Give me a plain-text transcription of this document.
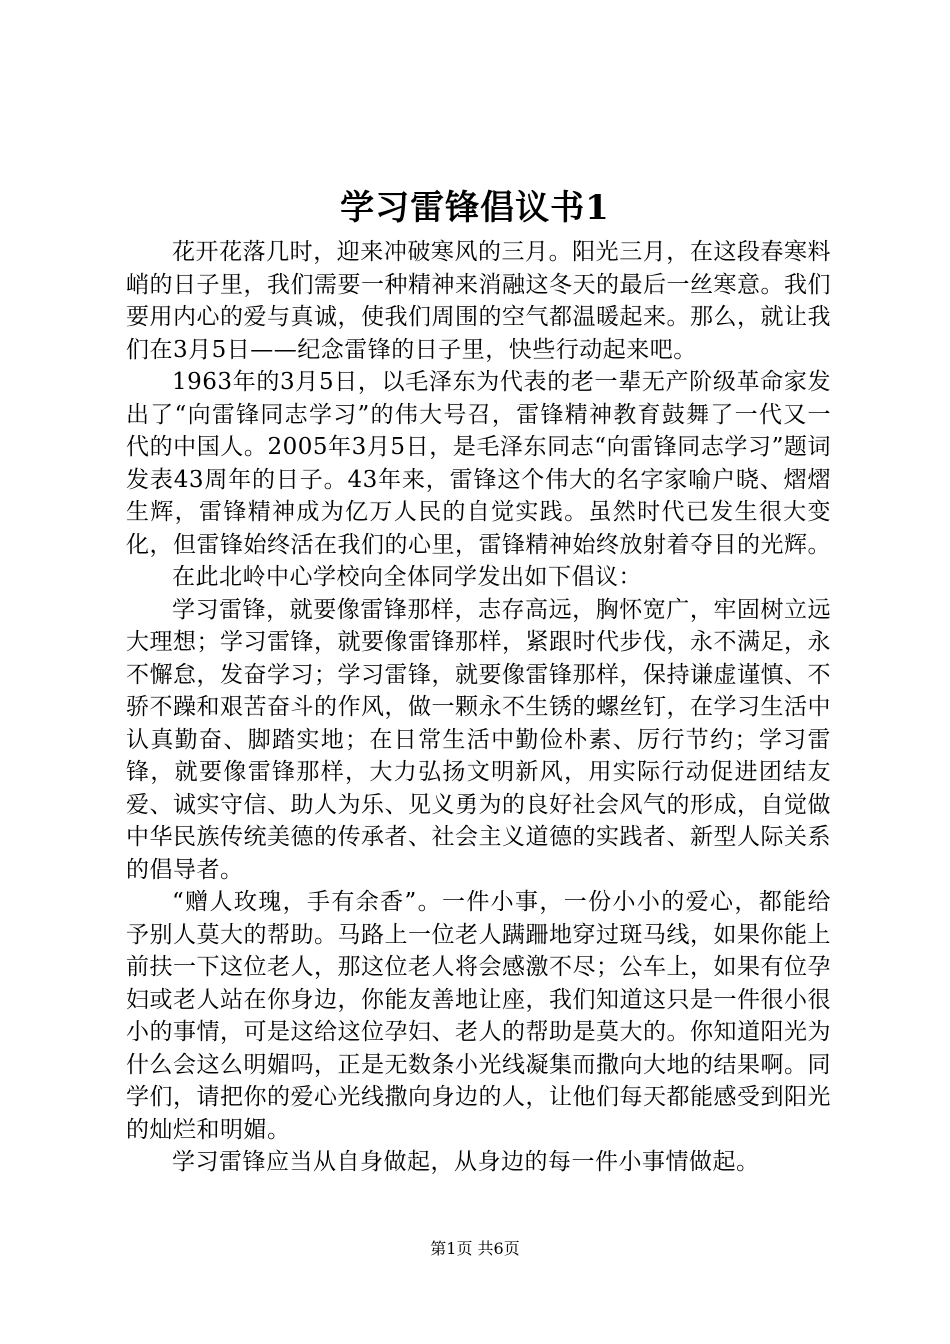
学习雷锋倡议书1

花开花落几时，迎来冲破寒风的三月。阳光三月，在这段春寒料峭的日子里，我们需要一种精神来消融这冬天的最后一丝寒意。我们要用内心的爱与真诚，使我们周围的空气都温暖起来。那么，就让我们在3月5日——纪念雷锋的日子里，快些行动起来吧。

1963年的3月5日，以毛泽东为代表的老一辈无产阶级革命家发出了“向雷锋同志学习”的伟大号召，雷锋精神教育鼓舞了一代又一代的中国人。2005年3月5日，是毛泽东同志“向雷锋同志学习”题词发表43周年的日子。43年来，雷锋这个伟大的名字家喻户晓、熠熠生辉，雷锋精神成为亿万人民的自觉实践。虽然时代已发生很大变化，但雷锋始终活在我们的心里，雷锋精神始终放射着夺目的光辉。

在此北岭中心学校向全体同学发出如下倡议：

学习雷锋，就要像雷锋那样，志存高远，胸怀宽广，牢固树立远大理想；学习雷锋，就要像雷锋那样，紧跟时代步伐，永不满足，永不懈怠，发奋学习；学习雷锋，就要像雷锋那样，保持谦虚谨慎、不骄不躁和艰苦奋斗的作风，做一颗永不生锈的螺丝钉，在学习生活中认真勤奋、脚踏实地；在日常生活中勤俭朴素、厉行节约；学习雷锋，就要像雷锋那样，大力弘扬文明新风，用实际行动促进团结友爱、诚实守信、助人为乐、见义勇为的良好社会风气的形成，自觉做中华民族传统美德的传承者、社会主义道德的实践者、新型人际关系的倡导者。

“赠人玫瑰，手有余香”。一件小事，一份小小的爱心，都能给予别人莫大的帮助。马路上一位老人蹒跚地穿过斑马线，如果你能上前扶一下这位老人，那这位老人将会感激不尽；公车上，如果有位孕妇或老人站在你身边，你能友善地让座，我们知道这只是一件很小很小的事情，可是这给这位孕妇、老人的帮助是莫大的。你知道阳光为什么会这么明媚吗，正是无数条小光线凝集而撒向大地的结果啊。同学们，请把你的爱心光线撒向身边的人，让他们每天都能感受到阳光的灿烂和明媚。

学习雷锋应当从自身做起，从身边的每一件小事情做起。

第1页 共6页
